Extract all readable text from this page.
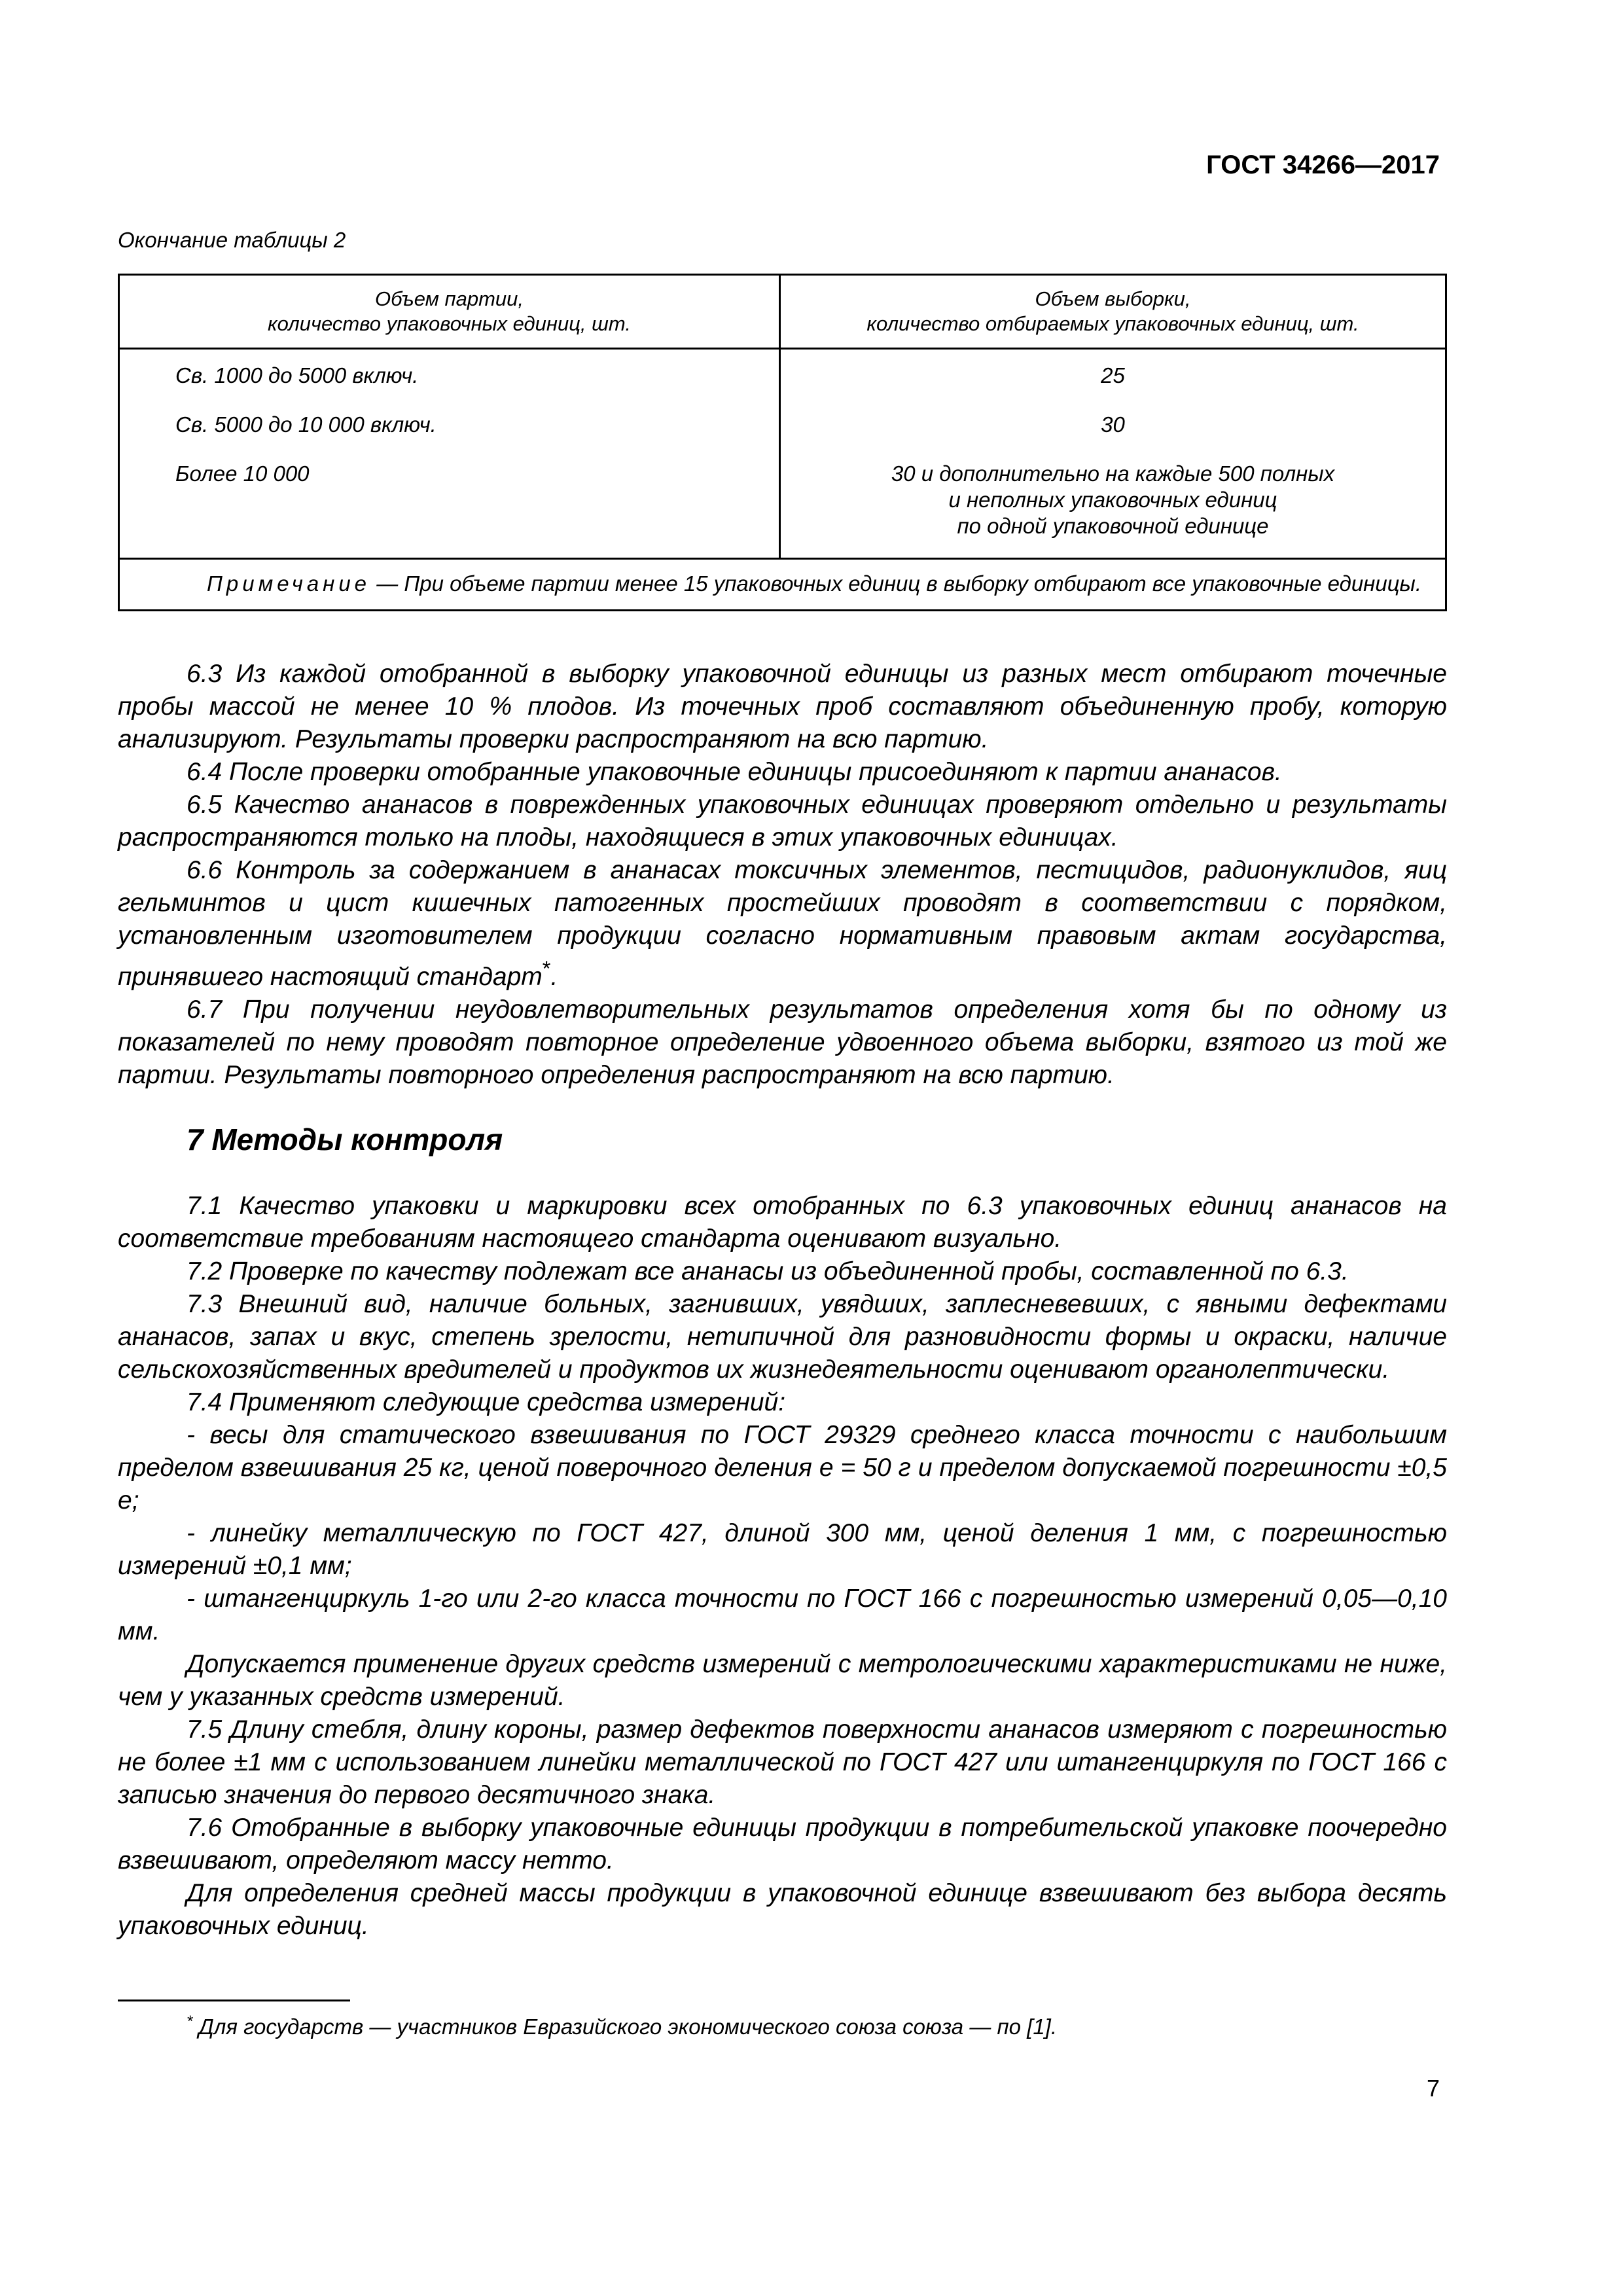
ГОСТ 34266—2017
Окончание таблицы 2
Объем партии,
количество упаковочных единиц, шт.
Объем выборки,
количество отбираемых упаковочных единиц, шт.
Св. 1000 до 5000 включ.
Св. 5000 до 10 000 включ.
Более 10 000
25
30
30 и дополнительно на каждые 500 полных
и неполных упаковочных единиц
по одной упаковочной единице
Примечание — При объеме партии менее 15 упаковочных единиц в выборку отбирают все упаковочные единицы.

6.3 Из каждой отобранной в выборку упаковочной единицы из разных мест отбирают точечные пробы массой не менее 10 % плодов. Из точечных проб составляют объединенную пробу, которую анализируют. Результаты проверки распространяют на всю партию.

6.4 После проверки отобранные упаковочные единицы присоединяют к партии ананасов.

6.5 Качество ананасов в поврежденных упаковочных единицах проверяют отдельно и результаты распространяются только на плоды, находящиеся в этих упаковочных единицах.

6.6 Контроль за содержанием в ананасах токсичных элементов, пестицидов, радионуклидов, яиц гельминтов и цист кишечных патогенных простейших проводят в соответствии с порядком, установленным изготовителем продукции согласно нормативным правовым актам государства, принявшего настоящий стандарт*.

6.7 При получении неудовлетворительных результатов определения хотя бы по одному из показателей по нему проводят повторное определение удвоенного объема выборки, взятого из той же партии. Результаты повторного определения распространяют на всю партию.

7 Методы контроля

7.1 Качество упаковки и маркировки всех отобранных по 6.3 упаковочных единиц ананасов на соответствие требованиям настоящего стандарта оценивают визуально.

7.2 Проверке по качеству подлежат все ананасы из объединенной пробы, составленной по 6.3.

7.3 Внешний вид, наличие больных, загнивших, увядших, заплесневевших, с явными дефектами ананасов, запах и вкус, степень зрелости, нетипичной для разновидности формы и окраски, наличие сельскохозяйственных вредителей и продуктов их жизнедеятельности оценивают органолептически.

7.4 Применяют следующие средства измерений:

- весы для статического взвешивания по ГОСТ 29329 среднего класса точности с наибольшим пределом взвешивания 25 кг, ценой поверочного деления е = 50 г и пределом допускаемой погрешности ±0,5 е;

- линейку металлическую по ГОСТ 427, длиной 300 мм, ценой деления 1 мм, с погрешностью измерений ±0,1 мм;

- штангенциркуль 1-го или 2-го класса точности по ГОСТ 166 с погрешностью измерений 0,05—0,10 мм.

Допускается применение других средств измерений с метрологическими характеристиками не ниже, чем у указанных средств измерений.

7.5 Длину стебля, длину короны, размер дефектов поверхности ананасов измеряют с погрешностью не более ±1 мм с использованием линейки металлической по ГОСТ 427 или штангенциркуля по ГОСТ 166 с записью значения до первого десятичного знака.

7.6 Отобранные в выборку упаковочные единицы продукции в потребительской упаковке поочередно взвешивают, определяют массу нетто.

Для определения средней массы продукции в упаковочной единице взвешивают без выбора десять упаковочных единиц.

* Для государств — участников Евразийского экономического союза союза — по [1].
7
